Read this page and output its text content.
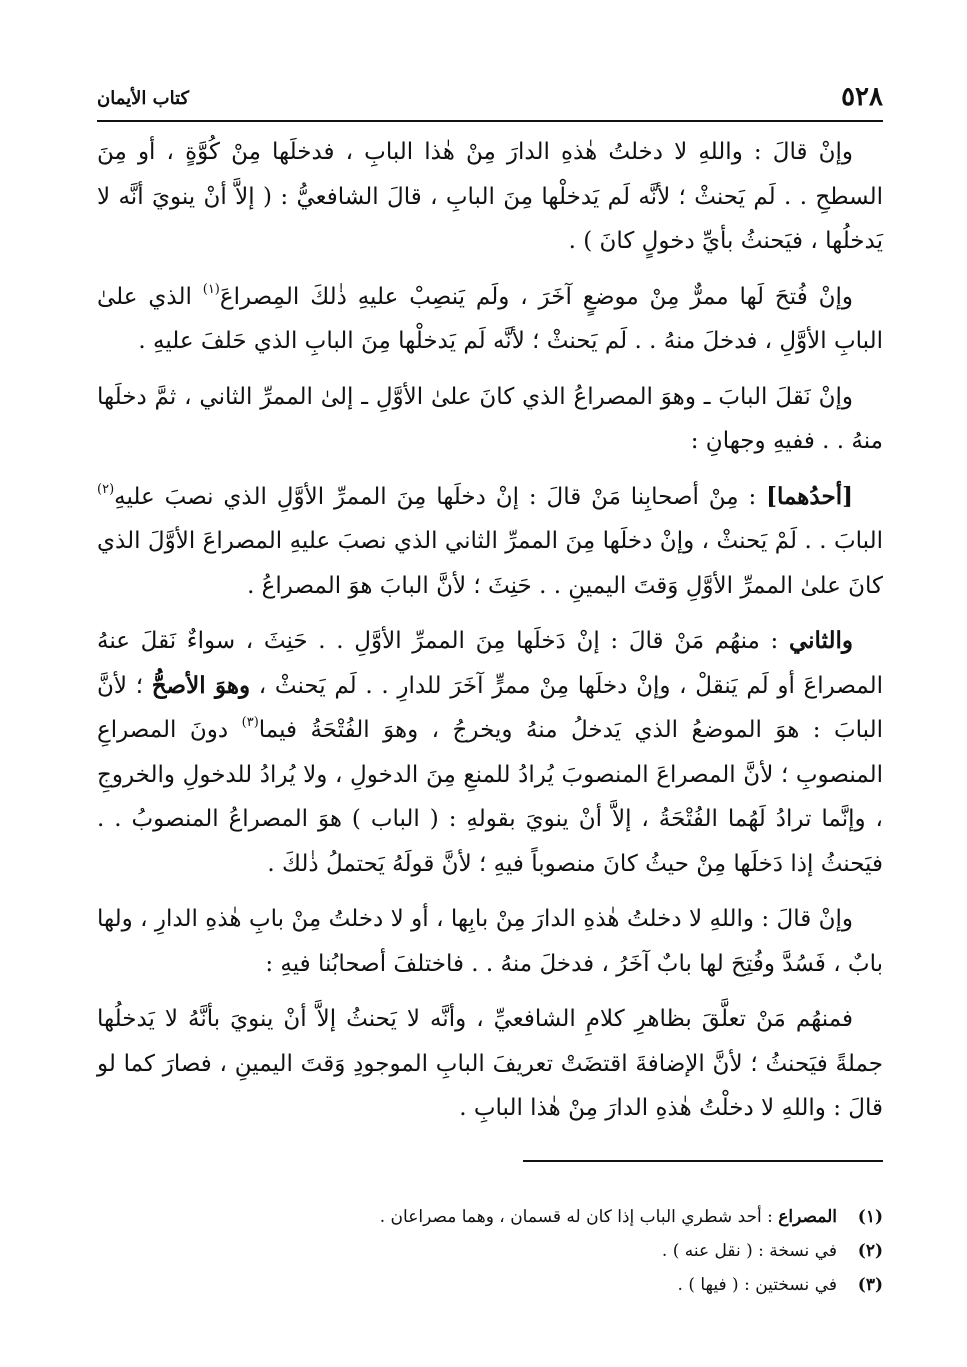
٥٢٨
كتاب الأيمان

وإنْ قالَ : واللهِ لا دخلتُ هٰذهِ الدارَ مِنْ هٰذا البابِ ، فدخلَها مِنْ كُوَّةٍ ، أو مِنَ السطحِ . . لَم يَحنثْ ؛ لأنَّه لَم يَدخلْها مِنَ البابِ ، قالَ الشافعيُّ : ( إلاَّ أنْ ينويَ أنَّه لا يَدخلُها ، فيَحنثُ بأيِّ دخولٍ كانَ ) .

وإنْ فُتحَ لَها ممرٌّ مِنْ موضعٍ آخَرَ ، ولَم يَنصِبْ عليهِ ذٰلكَ المِصراعَ$^{(١)}$ الذي علىٰ البابِ الأوَّلِ ، فدخلَ منهُ . . لَم يَحنثْ ؛ لأنَّه لَم يَدخلْها مِنَ البابِ الذي حَلفَ عليهِ .

وإنْ نَقلَ البابَ ـ وهوَ المصراعُ الذي كانَ علىٰ الأوَّلِ ـ إلىٰ الممرِّ الثاني ، ثمَّ دخلَها منهُ . . ففيهِ وجهانِ :

[أحدُهما] : مِنْ أصحابِنا مَنْ قالَ : إنْ دخلَها مِنَ الممرِّ الأوَّلِ الذي نصبَ عليهِ$^{(٢)}$ البابَ . . لَمْ يَحنثْ ، وإنْ دخلَها مِنَ الممرِّ الثاني الذي نصبَ عليهِ المصراعَ الأوَّلَ الذي كانَ علىٰ الممرِّ الأوَّلِ وَقتَ اليمينِ . . حَنِثَ ؛ لأنَّ البابَ هوَ المصراعُ .

والثاني : منهُم مَنْ قالَ : إنْ دَخلَها مِنَ الممرِّ الأوَّلِ . . حَنِثَ ، سواءٌ نَقلَ عنهُ المصراعَ أو لَم يَنقلْ ، وإنْ دخلَها مِنْ ممرٍّ آخَرَ للدارِ . . لَم يَحنثْ ، وهوَ الأصحُّ ؛ لأنَّ البابَ : هوَ الموضعُ الذي يَدخلُ منهُ ويخرجُ ، وهوَ الفُتْحَةُ فيما$^{(٣)}$ دونَ المصراعِ المنصوبِ ؛ لأنَّ المصراعَ المنصوبَ يُرادُ للمنعِ مِنَ الدخولِ ، ولا يُرادُ للدخولِ والخروجِ ، وإنَّما ترادُ لَهُما الفُتْحَةُ ، إلاَّ أنْ ينويَ بقولهِ : ( الباب ) هوَ المصراعُ المنصوبُ . . فيَحنثُ إذا دَخلَها مِنْ حيثُ كانَ منصوباً فيهِ ؛ لأنَّ قولَهُ يَحتملُ ذٰلكَ .

وإنْ قالَ : واللهِ لا دخلتُ هٰذهِ الدارَ مِنْ بابِها ، أو لا دخلتُ مِنْ بابِ هٰذهِ الدارِ ، ولها بابٌ ، فَسُدَّ وفُتِحَ لها بابٌ آخَرُ ، فدخلَ منهُ . . فاختلفَ أصحابُنا فيهِ :

فمنهُم مَنْ تعلَّقَ بظاهرِ كلامِ الشافعيِّ ، وأنَّه لا يَحنثُ إلاَّ أنْ ينويَ بأنَّهُ لا يَدخلُها جملةً فيَحنثُ ؛ لأنَّ الإضافةَ اقتضَتْ تعريفَ البابِ الموجودِ وَقتَ اليمينِ ، فصارَ كما لو قالَ : واللهِ لا دخلْتُ هٰذهِ الدارَ مِنْ هٰذا البابِ .

(١)المصراع : أحد شطري الباب إذا كان له قسمان ، وهما مصراعان .
(٢)في نسخة : ( نقل عنه ) .
(٣)في نسختين : ( فيها ) .
